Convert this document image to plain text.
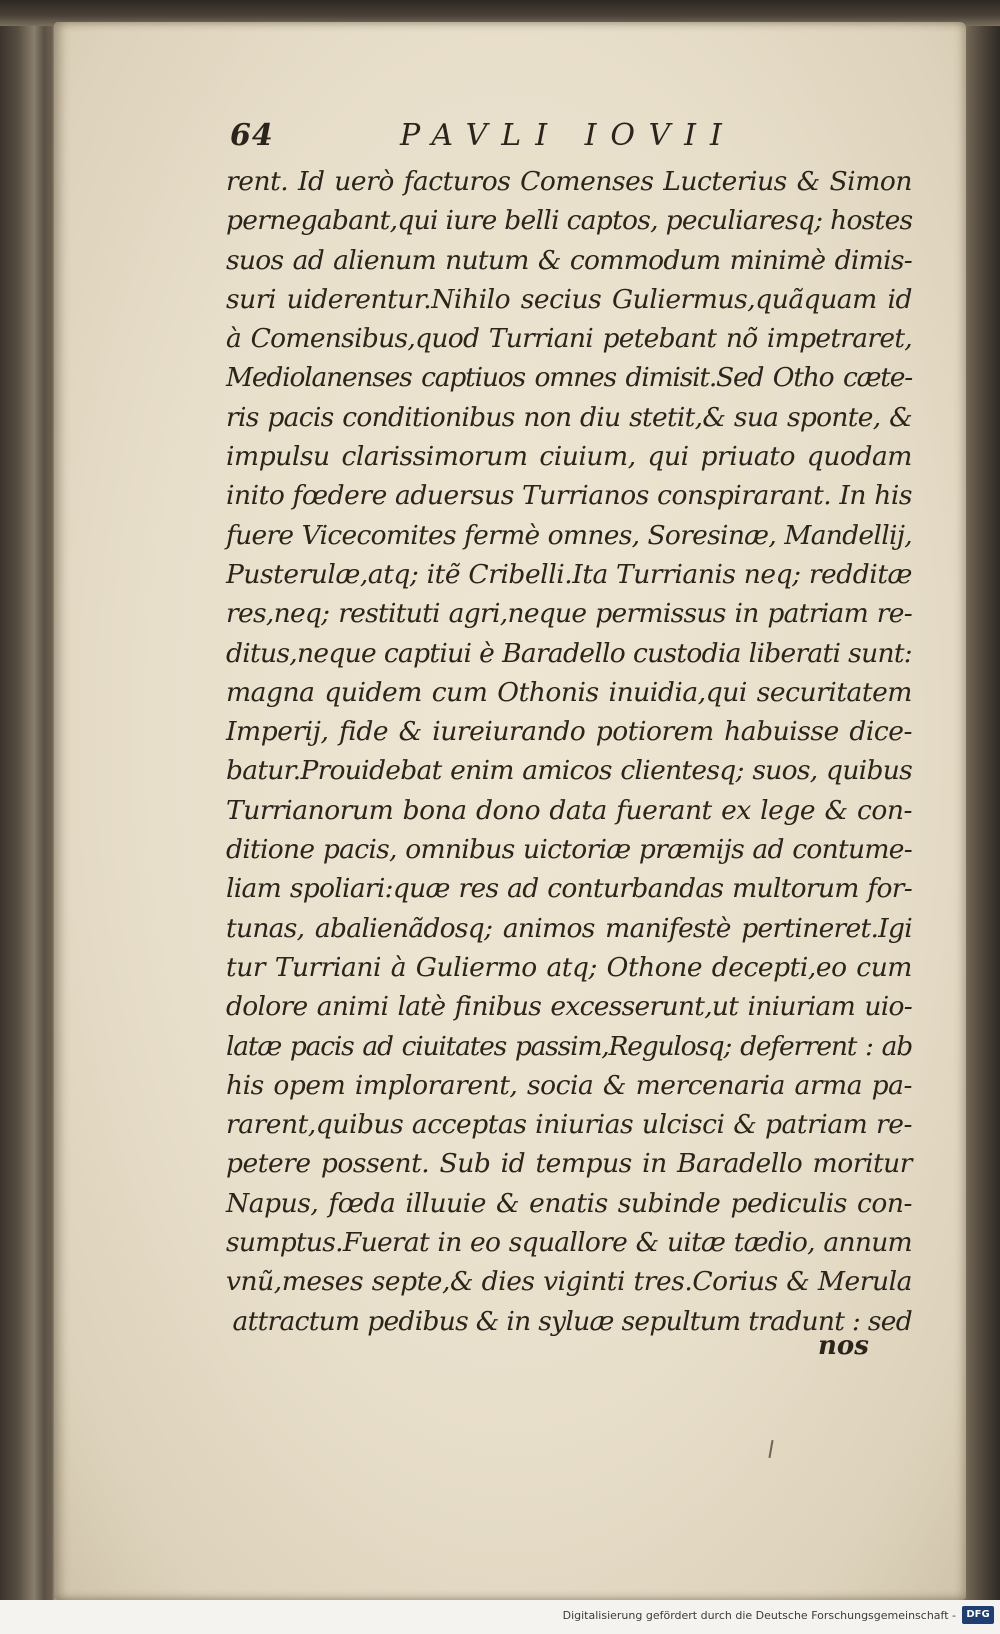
64	PAVLI IOVII
rent. Id uerò facturos Comenses Lucterius & Simon
pernegabant,qui iure belli captos, peculiaresq; hostes
suos ad alienum nutum & commodum minimè dimis-
suri uiderentur.Nihilo secius Guliermus,quãquam id
à Comensibus,quod Turriani petebant nõ impetraret,
Mediolanenses captiuos omnes dimisit.Sed Otho cæte-
ris pacis conditionibus non diu stetit,& sua sponte, &
impulsu clarissimorum ciuium, qui priuato quodam
inito fœdere aduersus Turrianos conspirarant. In his
fuere Vicecomites fermè omnes, Soresinæ, Mandellij,
Pusterulæ,atq; itẽ Cribelli.Ita Turrianis neq; redditæ
res,neq; restituti agri,neque permissus in patriam re-
ditus,neque captiui è Baradello custodia liberati sunt:
magna quidem cum Othonis inuidia,qui securitatem
Imperij, fide & iureiurando potiorem habuisse dice-
batur.Prouidebat enim amicos clientesq; suos, quibus
Turrianorum bona dono data fuerant ex lege & con-
ditione pacis, omnibus uictoriæ præmijs ad contume-
liam spoliari:quæ res ad conturbandas multorum for-
tunas, abalienãdosq; animos manifestè pertineret.Igi
tur Turriani à Guliermo atq; Othone decepti,eo cum
dolore animi latè finibus excesserunt,ut iniuriam uio-
latæ pacis ad ciuitates passim,Regulosq; deferrent : ab
his opem implorarent, socia & mercenaria arma pa-
rarent,quibus acceptas iniurias ulcisci & patriam re-
petere possent. Sub id tempus in Baradello moritur
Napus, fœda illuuie & enatis subinde pediculis con-
sumptus.Fuerat in eo squallore & uitæ tædio, annum
vnũ,meses septe,& dies viginti tres.Corius & Merula
attractum pedibus & in syluæ sepultum tradunt : sed
nos
Digitalisierung gefördert durch die Deutsche Forschungsgemeinschaft -	DFG
